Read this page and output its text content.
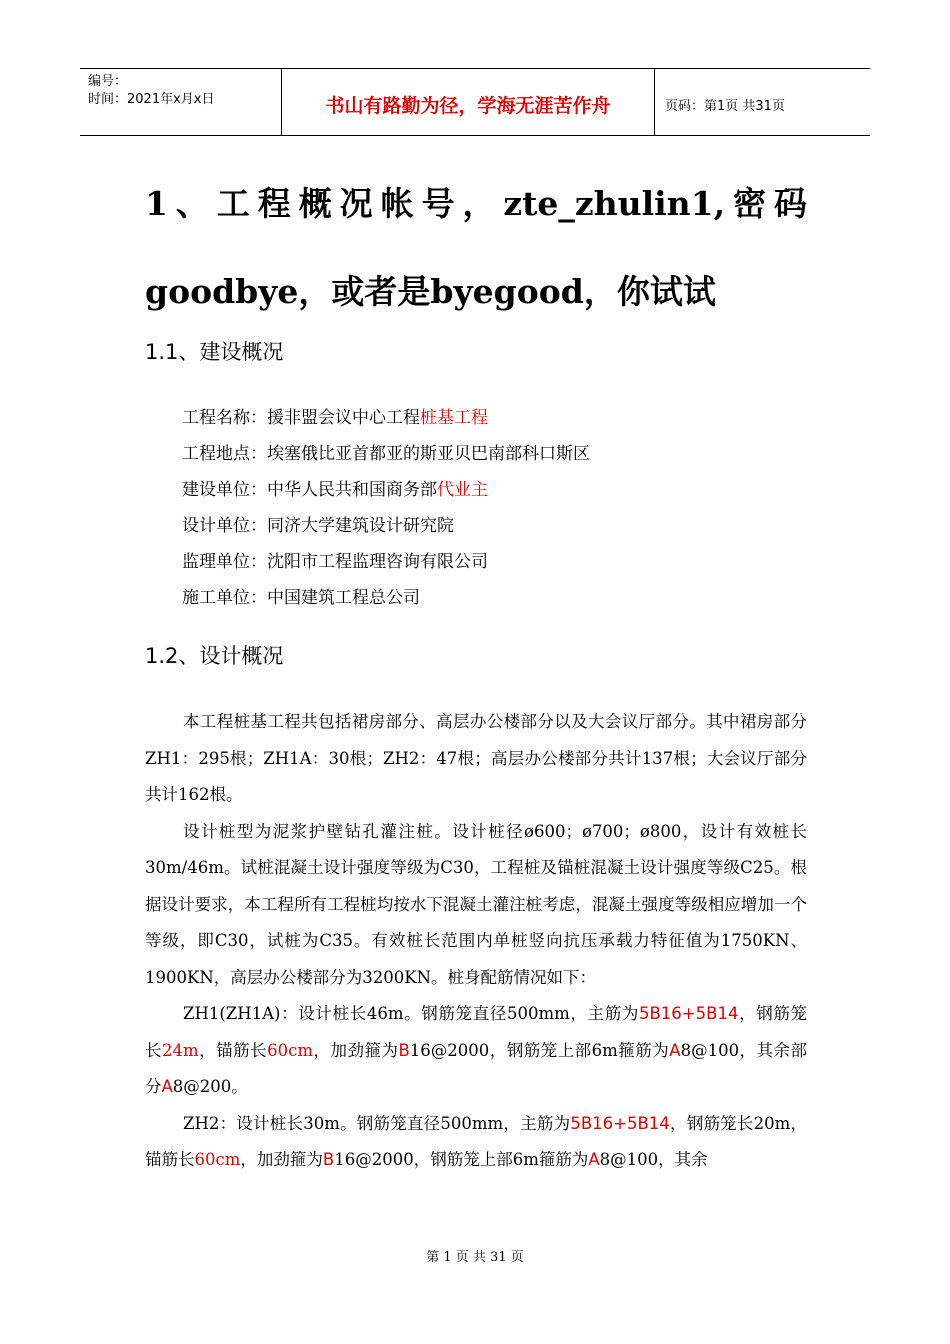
编号：
时间：2021年x月x日	书山有路勤为径，学海无涯苦作舟	页码：第1页 共31页
1 、 工 程 概 况 帐 号 ， zte_zhulin1, 密 码
goodbye，或者是byegood，你试试
1.1、建设概况
工程名称：援非盟会议中心工程桩基工程
工程地点：埃塞俄比亚首都亚的斯亚贝巴南部科口斯区
建设单位：中华人民共和国商务部代业主
设计单位：同济大学建筑设计研究院
监理单位：沈阳市工程监理咨询有限公司
施工单位：中国建筑工程总公司
1.2、设计概况

本工程桩基工程共包括裙房部分、高层办公楼部分以及大会议厅部分。其中裙房部分ZH1：295根；ZH1A：30根；ZH2：47根；高层办公楼部分共计137根；大会议厅部分共计162根。

设计桩型为泥浆护壁钻孔灌注桩。设计桩径ø600；ø700；ø800，设计有效桩长30m/46m。试桩混凝土设计强度等级为C30，工程桩及锚桩混凝土设计强度等级C25。根据设计要求，本工程所有工程桩均按水下混凝土灌注桩考虑，混凝土强度等级相应增加一个等级，即C30，试桩为C35。有效桩长范围内单桩竖向抗压承载力特征值为1750KN、1900KN，高层办公楼部分为3200KN。桩身配筋情况如下：

ZH1(ZH1A)：设计桩长46m。钢筋笼直径500mm，主筋为5B16+5B14，钢筋笼长24m，锚筋长60cm，加劲箍为B16@2000，钢筋笼上部6m箍筋为A8@100，其余部分A8@200。

ZH2：设计桩长30m。钢筋笼直径500mm，主筋为5B16+5B14，钢筋笼长20m，锚筋长60cm，加劲箍为B16@2000，钢筋笼上部6m箍筋为A8@100，其余

第 1 页 共 31 页
